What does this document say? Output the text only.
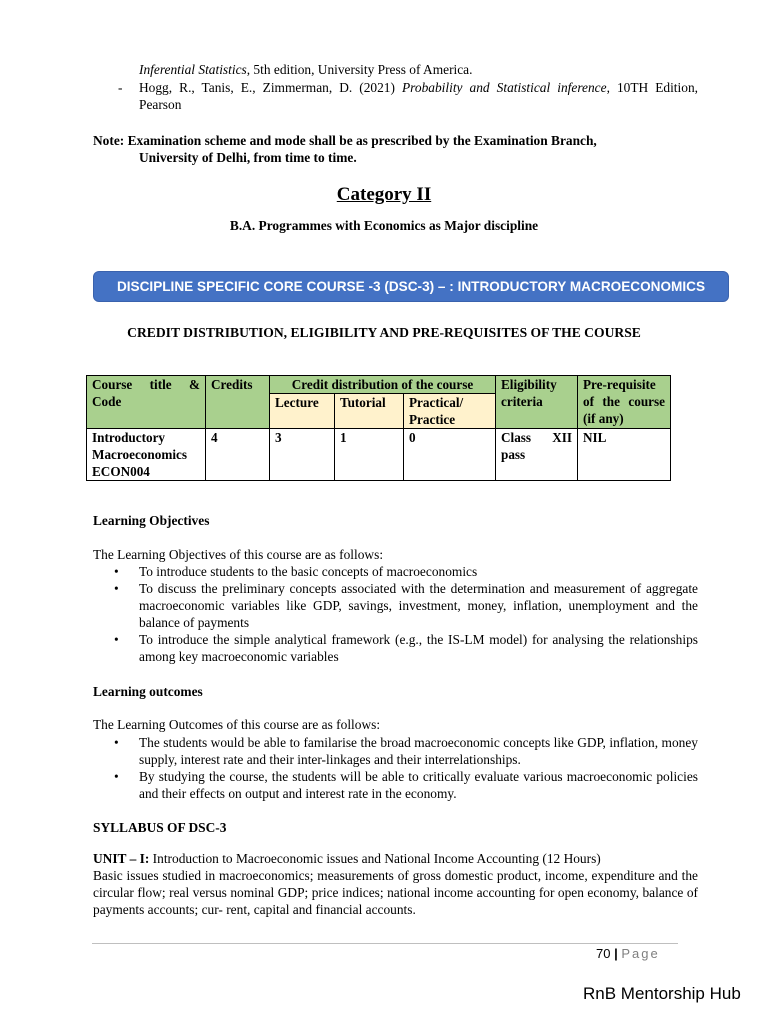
Inferential Statistics, 5th edition, University Press of America.
- Hogg, R., Tanis, E., Zimmerman, D. (2021) Probability and Statistical inference, 10TH Edition, Pearson
Note: Examination scheme and mode shall be as prescribed by the Examination Branch,
University of Delhi, from time to time.
Category II
B.A. Programmes with Economics as Major discipline
DISCIPLINE SPECIFIC CORE COURSE -3 (DSC-3) – : INTRODUCTORY MACROECONOMICS
CREDIT DISTRIBUTION, ELIGIBILITY AND PRE-REQUISITES OF THE COURSE
Course title & Code	Credits	Credit distribution of the course			Eligibility criteria	Pre-requisite of the course (if any)
		Lecture	Tutorial	Practical/ Practice		
Introductory Macroeconomics ECON004	4	3	1	0	Class XII pass	NIL
Learning Objectives
The Learning Objectives of this course are as follows:
• To introduce students to the basic concepts of macroeconomics
• To discuss the preliminary concepts associated with the determination and measurement of aggregate macroeconomic variables like GDP, savings, investment, money, inflation, unemployment and the balance of payments
• To introduce the simple analytical framework (e.g., the IS-LM model) for analysing the relationships among key macroeconomic variables
Learning outcomes
The Learning Outcomes of this course are as follows:
• The students would be able to familarise the broad macroeconomic concepts like GDP, inflation, money supply, interest rate and their inter-linkages and their interrelationships.
• By studying the course, the students will be able to critically evaluate various macroeconomic policies and their effects on output and interest rate in the economy.
SYLLABUS OF DSC-3
UNIT – I: Introduction to Macroeconomic issues and National Income Accounting (12 Hours)
Basic issues studied in macroeconomics; measurements of gross domestic product, income, expenditure and the circular flow; real versus nominal GDP; price indices; national income accounting for open economy, balance of payments accounts; cur- rent, capital and financial accounts.
70 | Page
RnB Mentorship Hub
